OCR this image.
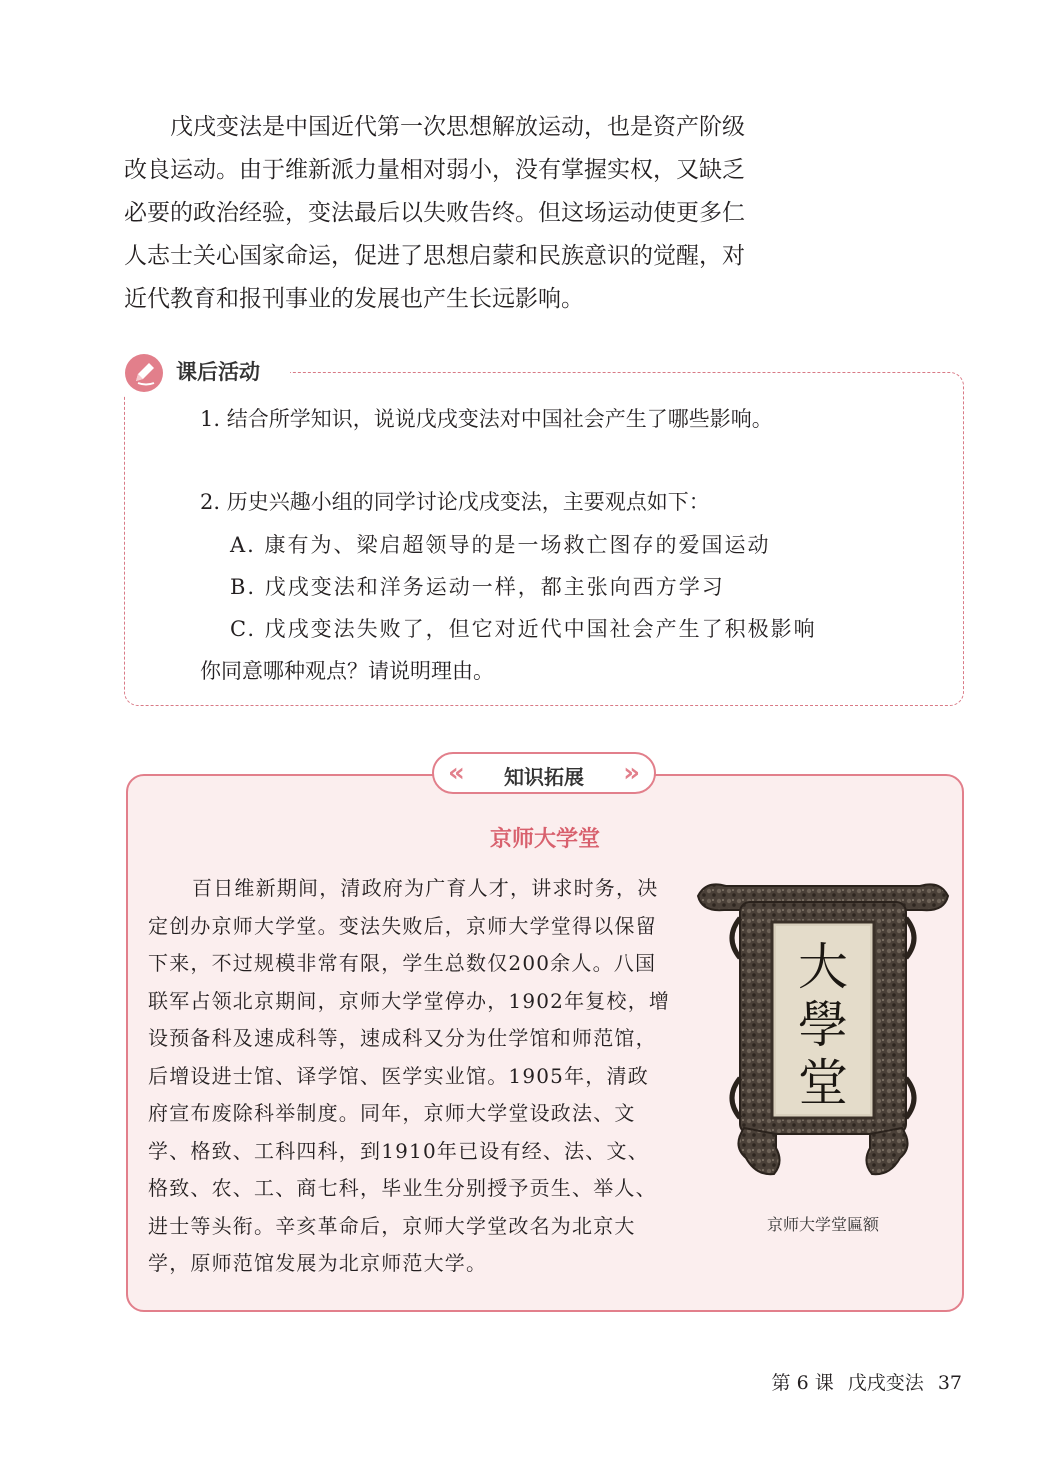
戊戌变法是中国近代第一次思想解放运动，也是资产阶级

改良运动。由于维新派力量相对弱小，没有掌握实权，又缺乏
必要的政治经验，变法最后以失败告终。但这场运动使更多仁
人志士关心国家命运，促进了思想启蒙和民族意识的觉醒，对
近代教育和报刊事业的发展也产生长远影响。
课后活动
1. 结合所学知识，说说戊戌变法对中国社会产生了哪些影响。
2. 历史兴趣小组的同学讨论戊戌变法，主要观点如下：
A. 康有为、梁启超领导的是一场救亡图存的爱国运动
B. 戊戌变法和洋务运动一样，都主张向西方学习
C. 戊戌变法失败了，但它对近代中国社会产生了积极影响
你同意哪种观点？请说明理由。
«	知识拓展	»
京师大学堂
百日维新期间，清政府为广育人才，讲求时务，决
定创办京师大学堂。变法失败后，京师大学堂得以保留
下来，不过规模非常有限，学生总数仅200余人。八国
联军占领北京期间，京师大学堂停办，1902年复校，增
设预备科及速成科等，速成科又分为仕学馆和师范馆，
后增设进士馆、译学馆、医学实业馆。1905年，清政
府宣布废除科举制度。同年，京师大学堂设政法、文
学、格致、工科四科，到1910年已设有经、法、文、
格致、农、工、商七科，毕业生分别授予贡生、举人、
进士等头衔。辛亥革命后，京师大学堂改名为北京大
学，原师范馆发展为北京师范大学。
大
學
堂
京师大学堂匾额
第 6 课 戊戌变法 37
